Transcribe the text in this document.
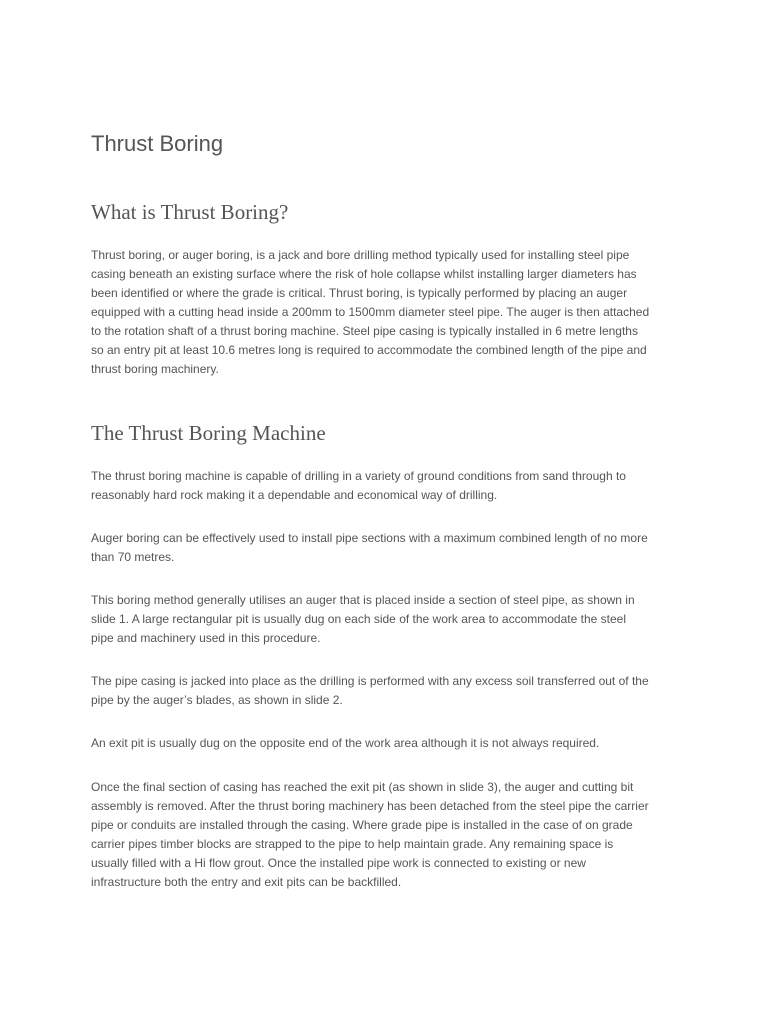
Thrust Boring
What is Thrust Boring?

Thrust boring, or auger boring, is a jack and bore drilling method typically used for installing steel pipe
casing beneath an existing surface where the risk of hole collapse whilst installing larger diameters has
been identified or where the grade is critical. Thrust boring, is typically performed by placing an auger
equipped with a cutting head inside a 200mm to 1500mm diameter steel pipe. The auger is then attached
to the rotation shaft of a thrust boring machine. Steel pipe casing is typically installed in 6 metre lengths
so an entry pit at least 10.6 metres long is required to accommodate the combined length of the pipe and
thrust boring machinery.

The Thrust Boring Machine

The thrust boring machine is capable of drilling in a variety of ground conditions from sand through to
reasonably hard rock making it a dependable and economical way of drilling.

Auger boring can be effectively used to install pipe sections with a maximum combined length of no more
than 70 metres.

This boring method generally utilises an auger that is placed inside a section of steel pipe, as shown in
slide 1. A large rectangular pit is usually dug on each side of the work area to accommodate the steel
pipe and machinery used in this procedure.

The pipe casing is jacked into place as the drilling is performed with any excess soil transferred out of the
pipe by the auger’s blades, as shown in slide 2.

An exit pit is usually dug on the opposite end of the work area although it is not always required.

Once the final section of casing has reached the exit pit (as shown in slide 3), the auger and cutting bit
assembly is removed. After the thrust boring machinery has been detached from the steel pipe the carrier
pipe or conduits are installed through the casing. Where grade pipe is installed in the case of on grade
carrier pipes timber blocks are strapped to the pipe to help maintain grade. Any remaining space is
usually filled with a Hi flow grout. Once the installed pipe work is connected to existing or new
infrastructure both the entry and exit pits can be backfilled.
